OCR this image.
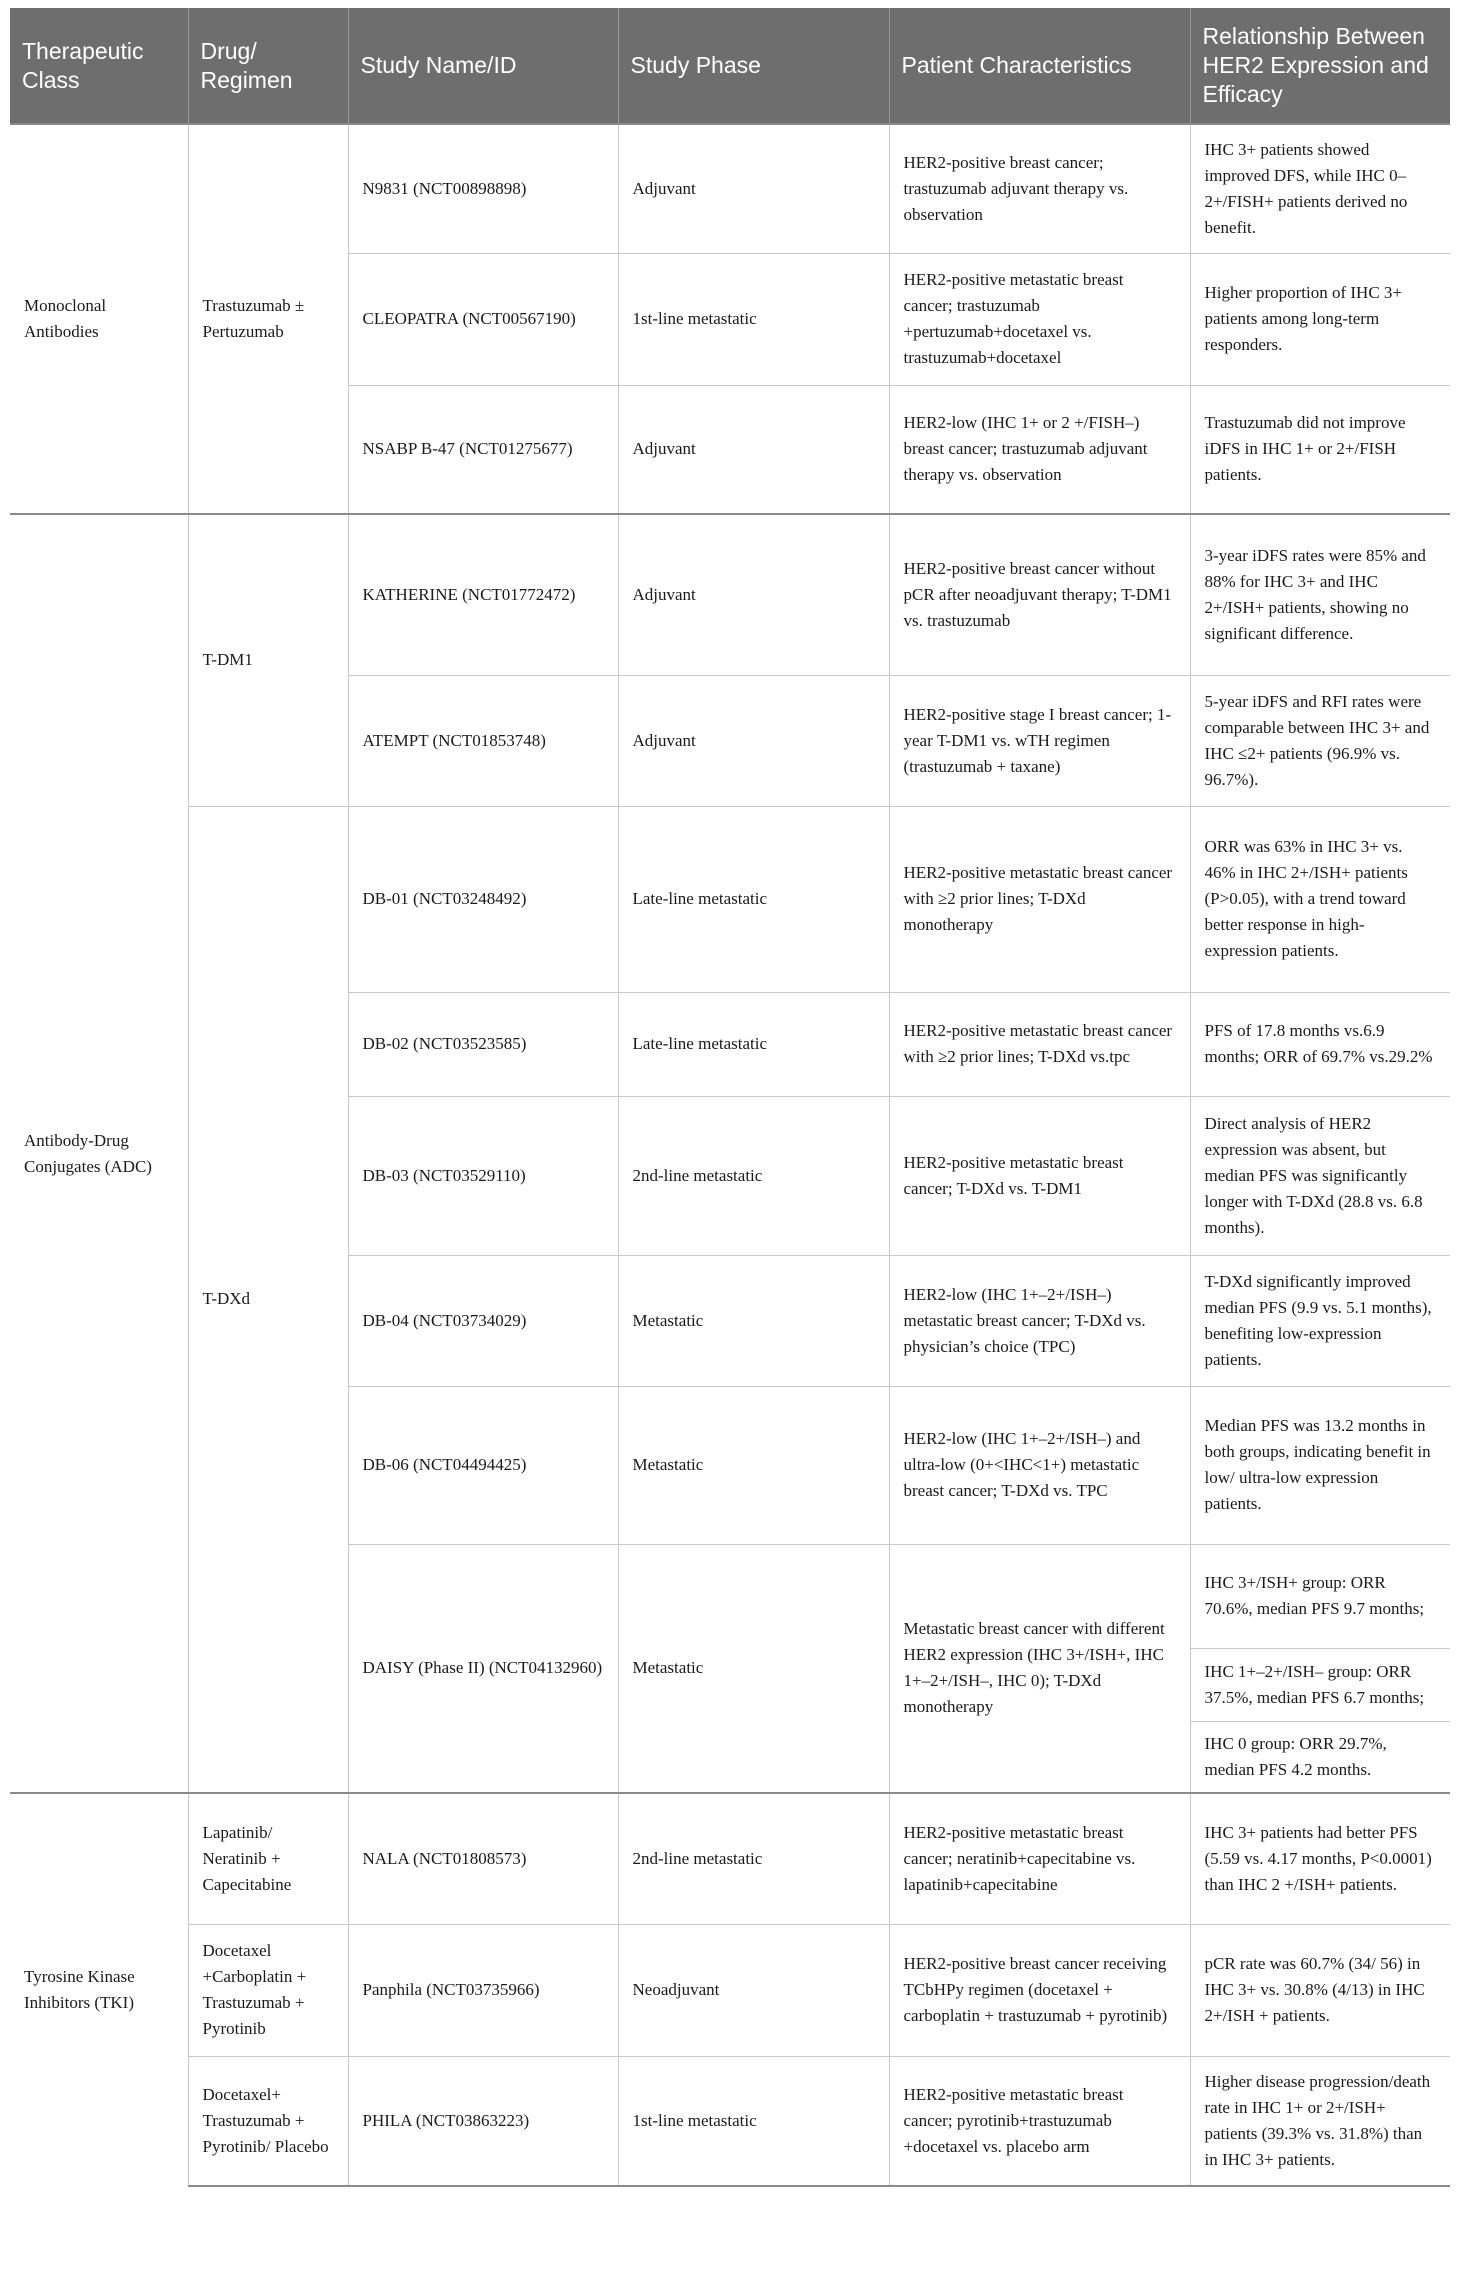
Therapeutic Class	Drug/ Regimen	Study Name/ID	Study Phase	Patient Characteristics	Relationship Between HER2 Expression and Efficacy
Monoclonal Antibodies	Trastuzumab ± Pertuzumab	N9831 (NCT00898898)	Adjuvant	HER2-positive breast cancer; trastuzumab adjuvant therapy vs. observation	IHC 3+ patients showed improved DFS, while IHC 0–2+/FISH+ patients derived no benefit.
		CLEOPATRA (NCT00567190)	1st-line metastatic	HER2-positive metastatic breast cancer; trastuzumab +pertuzumab+docetaxel vs. trastuzumab+docetaxel	Higher proportion of IHC 3+ patients among long-term responders.
		NSABP B-47 (NCT01275677)	Adjuvant	HER2-low (IHC 1+ or 2 +/FISH–) breast cancer; trastuzumab adjuvant therapy vs. observation	Trastuzumab did not improve iDFS in IHC 1+ or 2+/FISH patients.
Antibody-Drug Conjugates (ADC)	T-DM1	KATHERINE (NCT01772472)	Adjuvant	HER2-positive breast cancer without pCR after neoadjuvant therapy; T-DM1 vs. trastuzumab	3-year iDFS rates were 85% and 88% for IHC 3+ and IHC 2+/ISH+ patients, showing no significant difference.
		ATEMPT (NCT01853748)	Adjuvant	HER2-positive stage I breast cancer; 1-year T-DM1 vs. wTH regimen (trastuzumab + taxane)	5-year iDFS and RFI rates were comparable between IHC 3+ and IHC ≤2+ patients (96.9% vs. 96.7%).
	T-DXd	DB-01 (NCT03248492)	Late-line metastatic	HER2-positive metastatic breast cancer with ≥2 prior lines; T-DXd monotherapy	ORR was 63% in IHC 3+ vs. 46% in IHC 2+/ISH+ patients (P>0.05), with a trend toward better response in high-expression patients.
		DB-02 (NCT03523585)	Late-line metastatic	HER2-positive metastatic breast cancer with ≥2 prior lines; T-DXd vs.tpc	PFS of 17.8 months vs.6.9 months; ORR of 69.7% vs.29.2%
		DB-03 (NCT03529110)	2nd-line metastatic	HER2-positive metastatic breast cancer; T-DXd vs. T-DM1	Direct analysis of HER2 expression was absent, but median PFS was significantly longer with T-DXd (28.8 vs. 6.8 months).
		DB-04 (NCT03734029)	Metastatic	HER2-low (IHC 1+–2+/ISH–) metastatic breast cancer; T-DXd vs. physician’s choice (TPC)	T-DXd significantly improved median PFS (9.9 vs. 5.1 months), benefiting low-expression patients.
		DB-06 (NCT04494425)	Metastatic	HER2-low (IHC 1+–2+/ISH–) and ultra-low (0+<IHC<1+) metastatic breast cancer; T-DXd vs. TPC	Median PFS was 13.2 months in both groups, indicating benefit in low/ ultra-low expression patients.
		DAISY (Phase II) (NCT04132960)	Metastatic	Metastatic breast cancer with different HER2 expression (IHC 3+/ISH+, IHC 1+–2+/ISH–, IHC 0); T-DXd monotherapy	IHC 3+/ISH+ group: ORR 70.6%, median PFS 9.7 months;
					IHC 1+–2+/ISH– group: ORR 37.5%, median PFS 6.7 months;
					IHC 0 group: ORR 29.7%, median PFS 4.2 months.
Tyrosine Kinase Inhibitors (TKI)	Lapatinib/ Neratinib + Capecitabine	NALA (NCT01808573)	2nd-line metastatic	HER2-positive metastatic breast cancer; neratinib+capecitabine vs. lapatinib+capecitabine	IHC 3+ patients had better PFS (5.59 vs. 4.17 months, P<0.0001) than IHC 2 +/ISH+ patients.
	Docetaxel +Carboplatin + Trastuzumab + Pyrotinib	Panphila (NCT03735966)	Neoadjuvant	HER2-positive breast cancer receiving TCbHPy regimen (docetaxel + carboplatin + trastuzumab + pyrotinib)	pCR rate was 60.7% (34/ 56) in IHC 3+ vs. 30.8% (4/13) in IHC 2+/ISH + patients.
	Docetaxel+ Trastuzumab + Pyrotinib/ Placebo	PHILA (NCT03863223)	1st-line metastatic	HER2-positive metastatic breast cancer; pyrotinib+trastuzumab +docetaxel vs. placebo arm	Higher disease progression/death rate in IHC 1+ or 2+/ISH+ patients (39.3% vs. 31.8%) than in IHC 3+ patients.
